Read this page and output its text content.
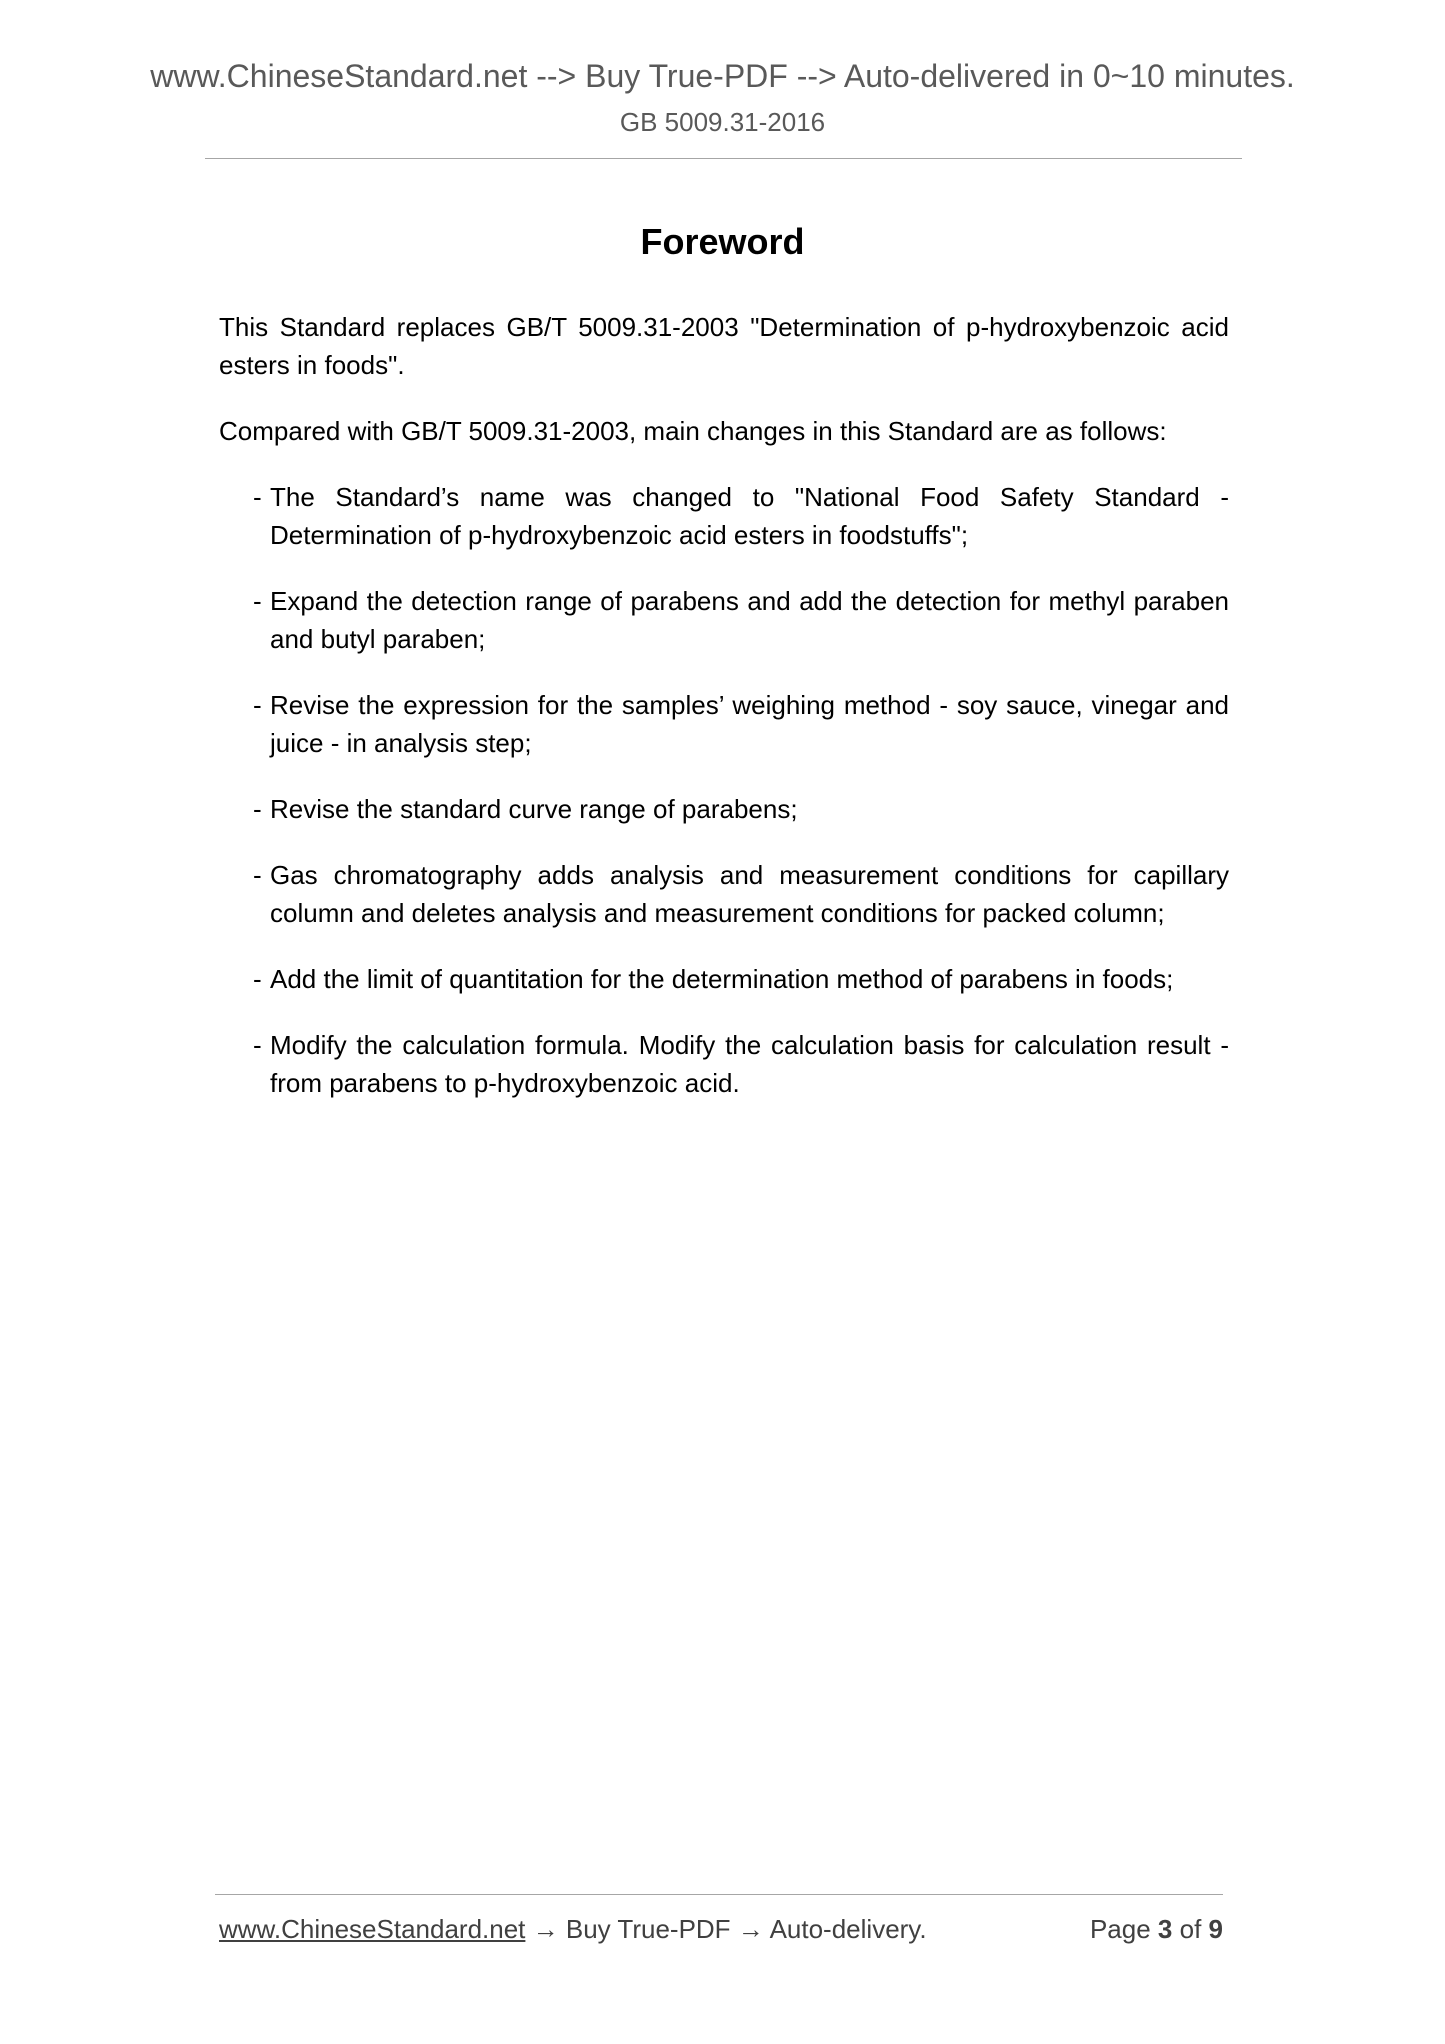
www.ChineseStandard.net --> Buy True-PDF --> Auto-delivered in 0~10 minutes.
GB 5009.31-2016
Foreword

This Standard replaces GB/T 5009.31-2003 "Determination of p-hydroxybenzoic acid esters in foods".

Compared with GB/T 5009.31-2003, main changes in this Standard are as follows:

- The Standard’s name was changed to "National Food Safety Standard - Determination of p-hydroxybenzoic acid esters in foodstuffs";
- Expand the detection range of parabens and add the detection for methyl paraben and butyl paraben;
- Revise the expression for the samples’ weighing method - soy sauce, vinegar and juice - in analysis step;
- Revise the standard curve range of parabens;
- Gas chromatography adds analysis and measurement conditions for capillary column and deletes analysis and measurement conditions for packed column;
- Add the limit of quantitation for the determination method of parabens in foods;
- Modify the calculation formula. Modify the calculation basis for calculation result - from parabens to p-hydroxybenzoic acid.
www.ChineseStandard.net → Buy True-PDF → Auto-delivery.	Page 3 of 9
